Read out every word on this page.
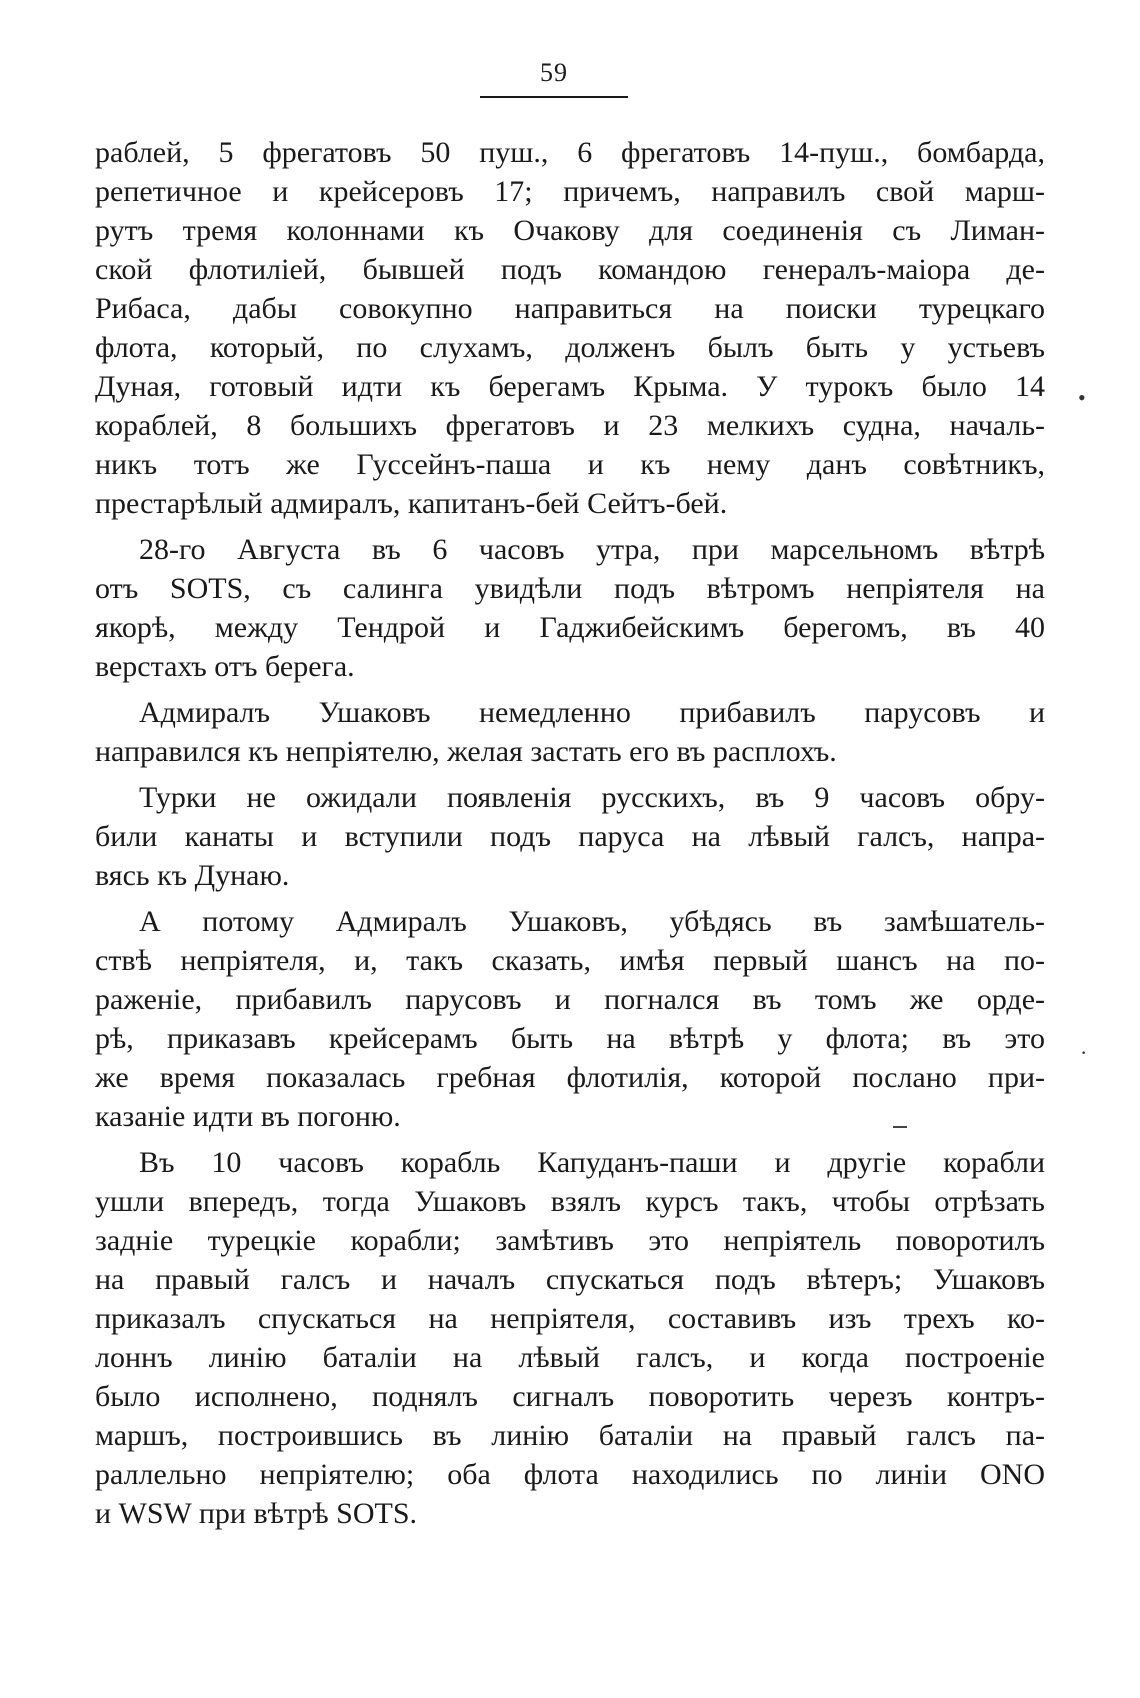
59
раблей, 5 фрегатовъ 50 пуш., 6 фрегатовъ 14-пуш., бомбарда,
репетичное и крейсеровъ 17; причемъ, направилъ свой марш-
рутъ тремя колоннами къ Очакову для соединенія съ Лиман-
ской флотиліей, бывшей подъ командою генералъ-маіора де-
Рибаса, дабы совокупно направиться на поиски турецкаго
флота, который, по слухамъ, долженъ былъ быть у устьевъ
Дуная, готовый идти къ берегамъ Крыма. У турокъ было 14
кораблей, 8 большихъ фрегатовъ и 23 мелкихъ судна, началь-
никъ тотъ же Гуссейнъ-паша и къ нему данъ совѣтникъ,
престарѣлый адмиралъ, капитанъ-бей Сейтъ-бей.
28-го Августа въ 6 часовъ утра, при марсельномъ вѣтрѣ
отъ SOTS, съ салинга увидѣли подъ вѣтромъ непріятеля на
якорѣ, между Тендрой и Гаджибейскимъ берегомъ, въ 40
верстахъ отъ берега.
Адмиралъ Ушаковъ немедленно прибавилъ парусовъ и
направился къ непріятелю, желая застать его въ расплохъ.
Турки не ожидали появленія русскихъ, въ 9 часовъ обру-
били канаты и вступили подъ паруса на лѣвый галсъ, напра-
вясь къ Дунаю.
А потому Адмиралъ Ушаковъ, убѣдясь въ замѣшатель-
ствѣ непріятеля, и, такъ сказать, имѣя первый шансъ на по-
раженіе, прибавилъ парусовъ и погнался въ томъ же орде-
рѣ, приказавъ крейсерамъ быть на вѣтрѣ у флота; въ это
же время показалась гребная флотилія, которой послано при-
казаніе идти въ погоню.
Въ 10 часовъ корабль Капуданъ-паши и другіе корабли
ушли впередъ, тогда Ушаковъ взялъ курсъ такъ, чтобы отрѣзать
задніе турецкіе корабли; замѣтивъ это непріятель поворотилъ
на правый галсъ и началъ спускаться подъ вѣтеръ; Ушаковъ
приказалъ спускаться на непріятеля, составивъ изъ трехъ ко-
лоннъ линію баталіи на лѣвый галсъ, и когда построеніе
было исполнено, поднялъ сигналъ поворотить черезъ контръ-
маршъ, построившись въ линію баталіи на правый галсъ па-
раллельно непріятелю; оба флота находились по линіи ONO
и WSW при вѣтрѣ SOTS.
•
·
